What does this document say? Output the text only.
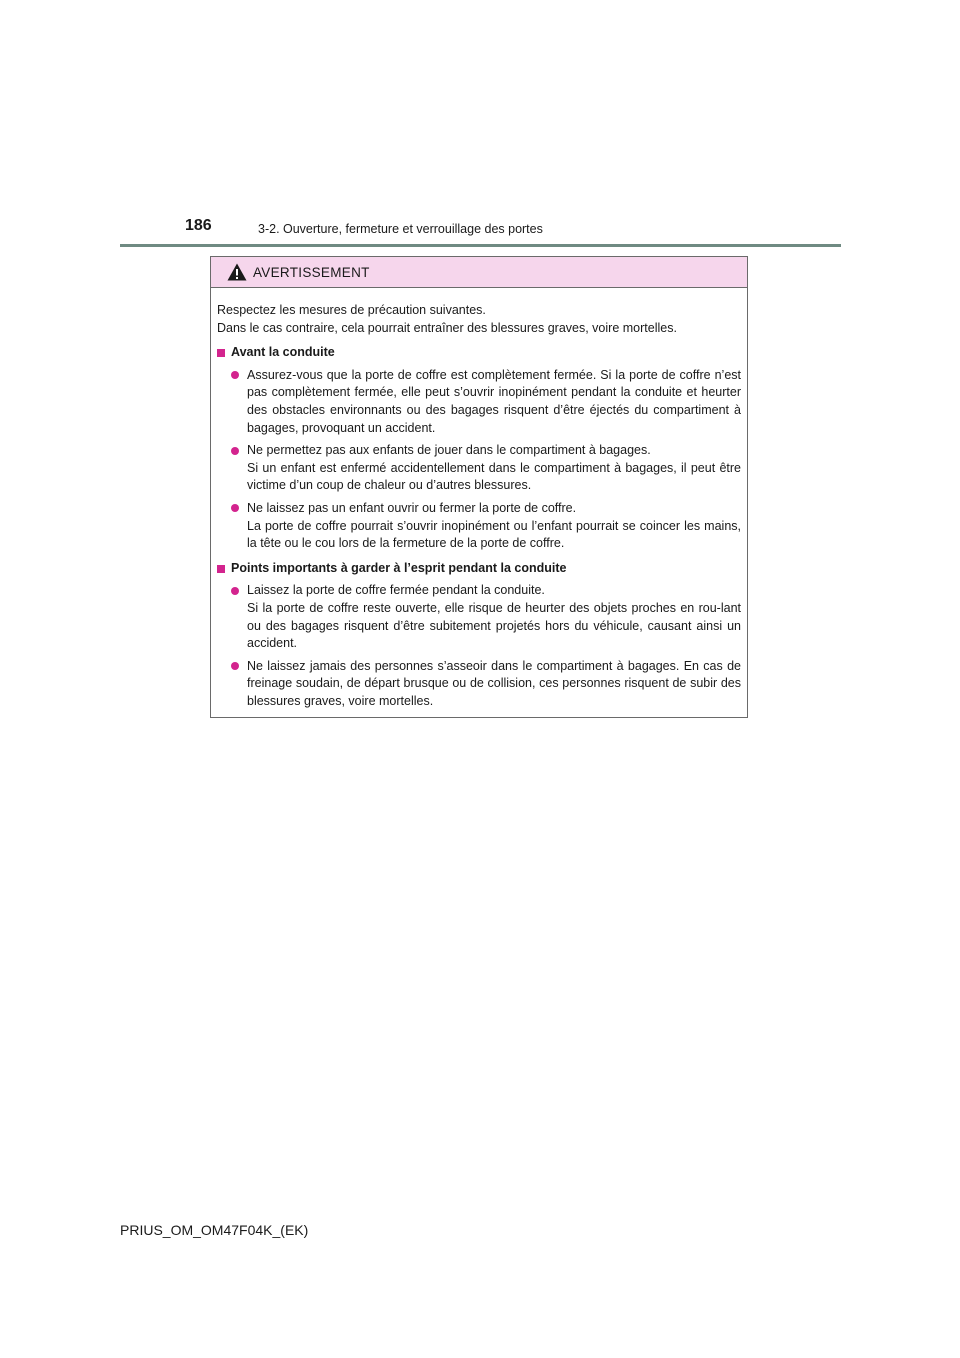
186	3-2. Ouverture, fermeture et verrouillage des portes
AVERTISSEMENT

Respectez les mesures de précaution suivantes.

Dans le cas contraire, cela pourrait entraîner des blessures graves, voire mortelles.

Avant la conduite
Assurez-vous que la porte de coffre est complètement fermée. Si la porte de coffre n’est pas complètement fermée, elle peut s’ouvrir inopinément pendant la conduite et heurter des obstacles environnants ou des bagages risquent d’être éjectés du compartiment à bagages, provoquant un accident.
Ne permettez pas aux enfants de jouer dans le compartiment à bagages.
Si un enfant est enfermé accidentellement dans le compartiment à bagages, il peut être victime d’un coup de chaleur ou d’autres blessures.
Ne laissez pas un enfant ouvrir ou fermer la porte de coffre.
La porte de coffre pourrait s’ouvrir inopinément ou l’enfant pourrait se coincer les mains, la tête ou le cou lors de la fermeture de la porte de coffre.
Points importants à garder à l’esprit pendant la conduite
Laissez la porte de coffre fermée pendant la conduite.
Si la porte de coffre reste ouverte, elle risque de heurter des objets proches en rou-lant ou des bagages risquent d’être subitement projetés hors du véhicule, causant ainsi un accident.
Ne laissez jamais des personnes s’asseoir dans le compartiment à bagages. En cas de freinage soudain, de départ brusque ou de collision, ces personnes risquent de subir des blessures graves, voire mortelles.
PRIUS_OM_OM47F04K_(EK)
